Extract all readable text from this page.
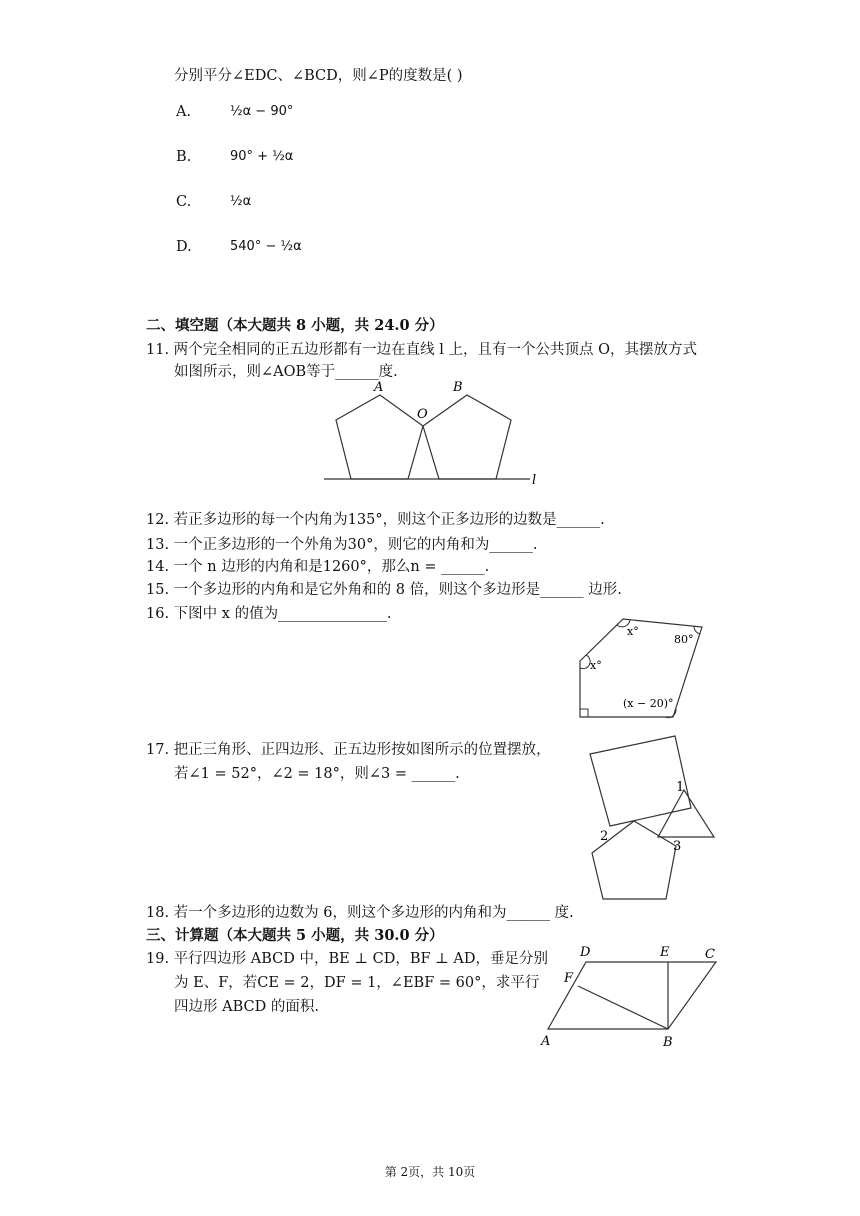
分别平分∠EDC、∠BCD，则∠P的度数是( )
A.	½α − 90°
B.	90° + ½α
C.	½α
D.	540° − ½α
二、填空题（本大题共 8 小题，共 24.0 分）
11. 两个完全相同的正五边形都有一边在直线 l 上，且有一个公共顶点 O，其摆放方式
如图所示，则∠AOB等于______度.
A	B
O
l
12. 若正多边形的每一个内角为135°，则这个正多边形的边数是______.
13. 一个正多边形的一个外角为30°，则它的内角和为______.
14. 一个 n 边形的内角和是1260°，那么n = ______.
15. 一个多边形的内角和是它外角和的 8 倍，则这个多边形是______ 边形.
16. 下图中 x 的值为_______________.
x°
x°
80°
(x − 20)°
17. 把正三角形、正四边形、正五边形按如图所示的位置摆放，
若∠1 = 52°，∠2 = 18°，则∠3 = ______.
1
2
3
18. 若一个多边形的边数为 6，则这个多边形的内角和为______ 度.
三、计算题（本大题共 5 小题，共 30.0 分）
19. 平行四边形 ABCD 中，BE ⊥ CD，BF ⊥ AD，垂足分别
为 E、F，若CE = 2，DF = 1，∠EBF = 60°，求平行
四边形 ABCD 的面积.
A	B
C
D	E
F
第 2页，共 10页
